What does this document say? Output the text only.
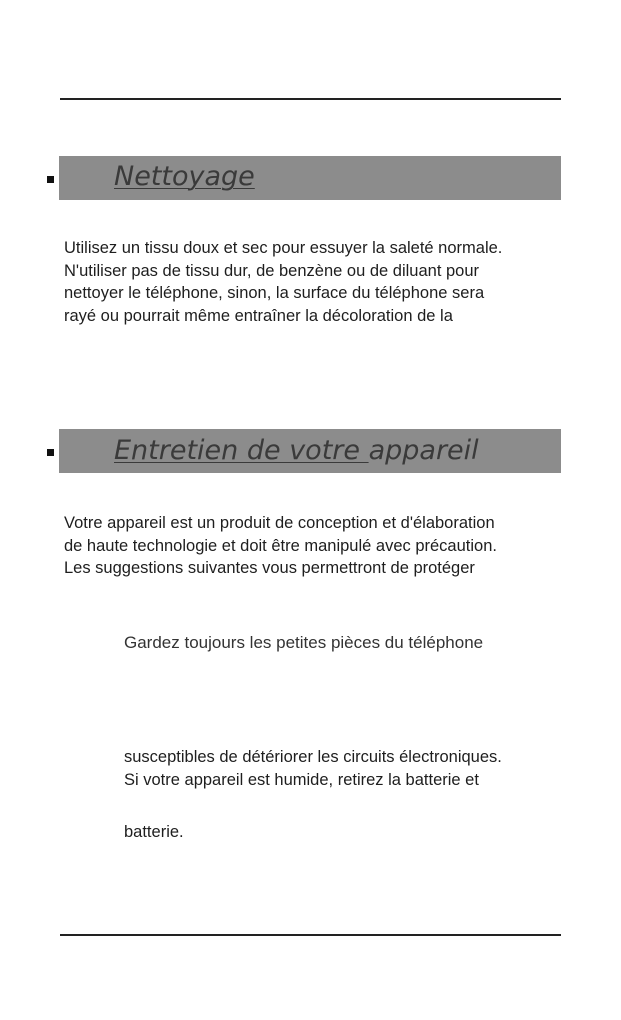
Nettoyage
Utilisez un tissu doux et sec pour essuyer la saleté normale.
N'utiliser pas de tissu dur, de benzène ou de diluant pour
nettoyer le téléphone, sinon, la surface du téléphone sera
rayé ou pourrait même entraîner la décoloration de la
Entretien de votre appareil
Votre appareil est un produit de conception et d'élaboration
de haute technologie et doit être manipulé avec précaution.
Les suggestions suivantes vous permettront de protéger
Gardez toujours les petites pièces du téléphone
susceptibles de détériorer les circuits électroniques.
Si votre appareil est humide, retirez la batterie et
batterie.
